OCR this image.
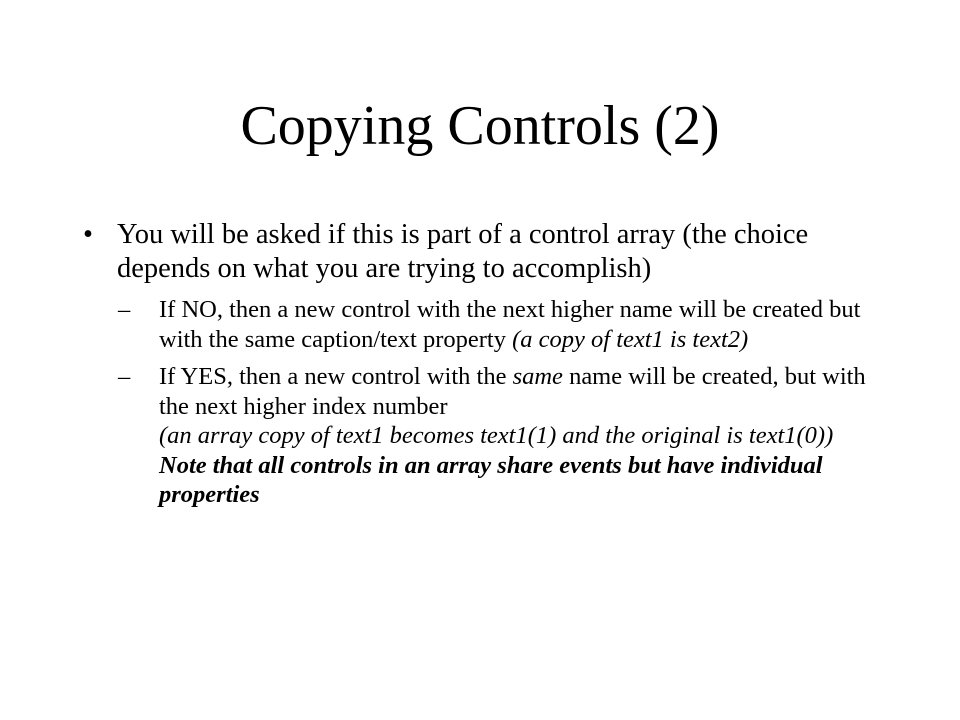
Copying Controls (2)
• You will be asked if this is part of a control array (the choice depends on what you are trying to accomplish)
– If NO, then a new control with the next higher name will be created but with the same caption/text property (a copy of text1 is text2)
– If YES, then a new control with the same name will be created, but with the next higher index number
(an array copy of text1 becomes text1(1) and the original is text1(0)) Note that all controls in an array share events but have individual properties
